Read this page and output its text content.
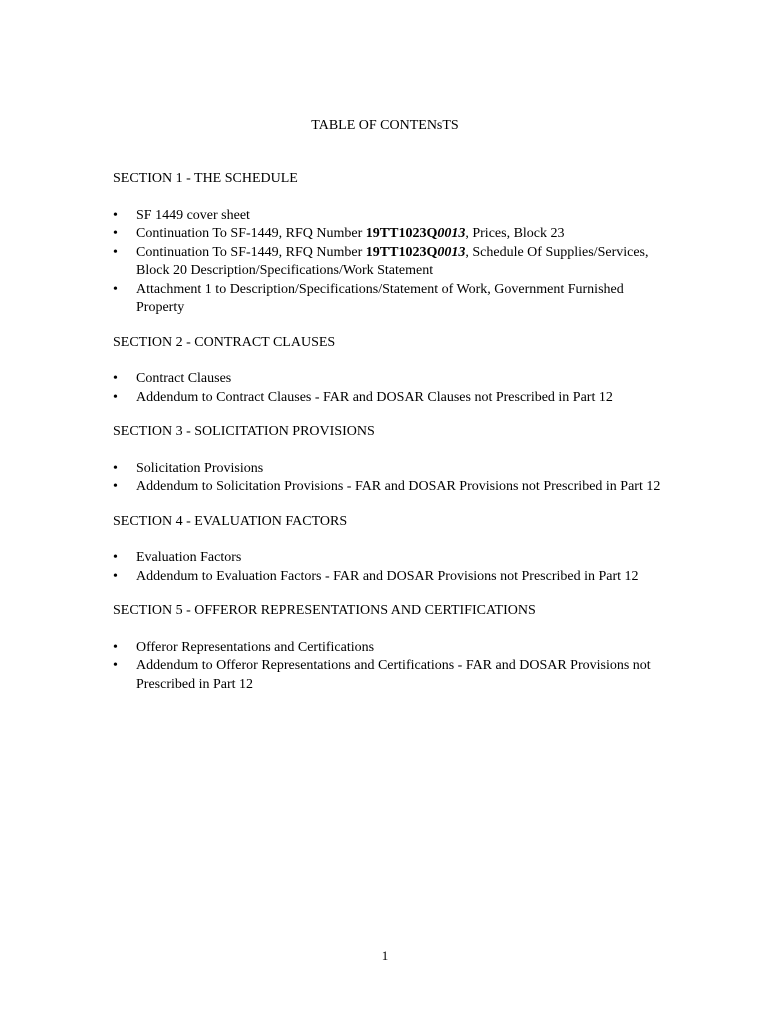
TABLE OF CONTENsTS
SECTION 1 - THE SCHEDULE
•	SF 1449 cover sheet
•	Continuation To SF-1449, RFQ Number 19TT1023Q0013, Prices, Block 23
•	Continuation To SF-1449, RFQ Number 19TT1023Q0013, Schedule Of Supplies/Services, Block 20 Description/Specifications/Work Statement
•	Attachment 1 to Description/Specifications/Statement of Work, Government Furnished Property
SECTION 2 - CONTRACT CLAUSES
•	Contract Clauses
•	Addendum to Contract Clauses - FAR and DOSAR Clauses not Prescribed in Part 12
SECTION 3 - SOLICITATION PROVISIONS
•	Solicitation Provisions
•	Addendum to Solicitation Provisions - FAR and DOSAR Provisions not Prescribed in Part 12
SECTION 4 - EVALUATION FACTORS
•	Evaluation Factors
•	Addendum to Evaluation Factors - FAR and DOSAR Provisions not Prescribed in Part 12
SECTION 5 - OFFEROR REPRESENTATIONS AND CERTIFICATIONS
•	Offeror Representations and Certifications
•	Addendum to Offeror Representations and Certifications - FAR and DOSAR Provisions not Prescribed in Part 12
1
